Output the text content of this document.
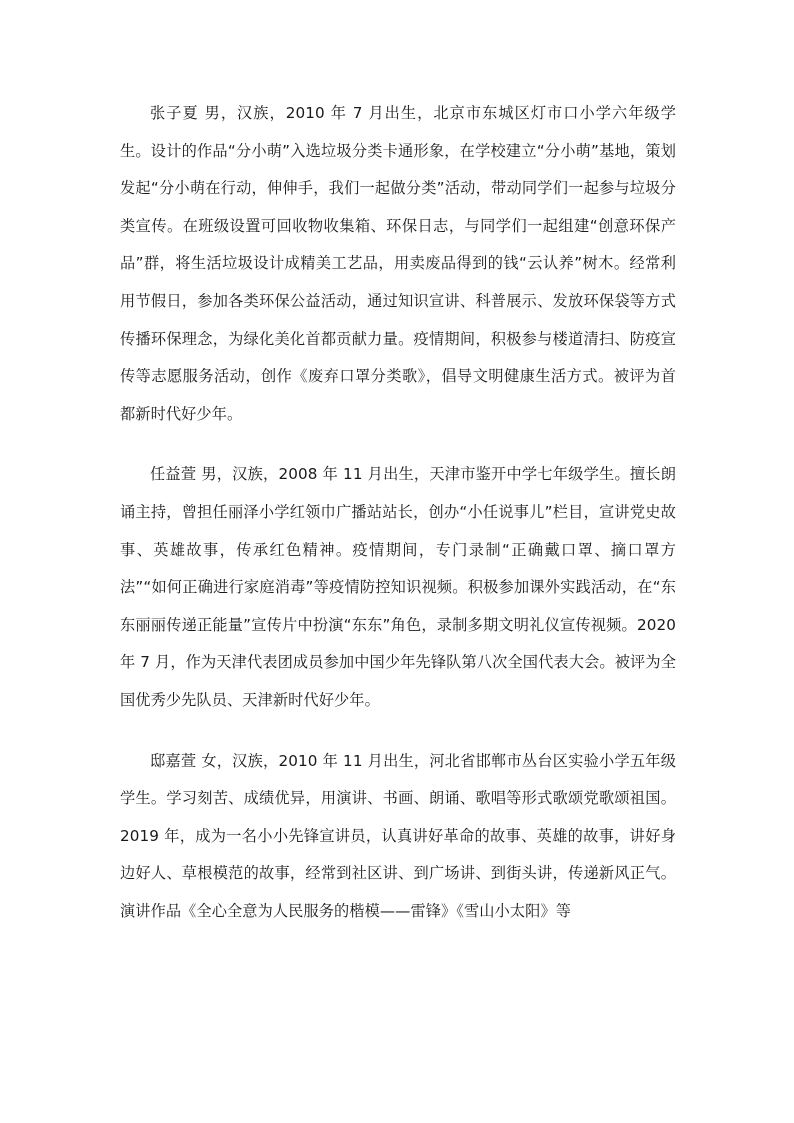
张子夏 男，汉族，2010 年 7 月出生，北京市东城区灯市口小学六年级学生。设计的作品“分小萌”入选垃圾分类卡通形象，在学校建立“分小萌”基地，策划发起“分小萌在行动，伸伸手，我们一起做分类”活动，带动同学们一起参与垃圾分类宣传。在班级设置可回收物收集箱、环保日志，与同学们一起组建“创意环保产品”群，将生活垃圾设计成精美工艺品，用卖废品得到的钱“云认养”树木。经常利用节假日，参加各类环保公益活动，通过知识宣讲、科普展示、发放环保袋等方式传播环保理念，为绿化美化首都贡献力量。疫情期间，积极参与楼道清扫、防疫宣传等志愿服务活动，创作《废弃口罩分类歌》，倡导文明健康生活方式。被评为首都新时代好少年。

任益萱 男，汉族，2008 年 11 月出生，天津市鉴开中学七年级学生。擅长朗诵主持，曾担任丽泽小学红领巾广播站站长，创办“小任说事儿”栏目，宣讲党史故事、英雄故事，传承红色精神。疫情期间，专门录制“正确戴口罩、摘口罩方法”“如何正确进行家庭消毒”等疫情防控知识视频。积极参加课外实践活动，在“东东丽丽传递正能量”宣传片中扮演“东东”角色，录制多期文明礼仪宣传视频。2020 年 7 月，作为天津代表团成员参加中国少年先锋队第八次全国代表大会。被评为全国优秀少先队员、天津新时代好少年。

邸嘉萱 女，汉族，2010 年 11 月出生，河北省邯郸市丛台区实验小学五年级学生。学习刻苦、成绩优异，用演讲、书画、朗诵、歌唱等形式歌颂党歌颂祖国。2019 年，成为一名小小先锋宣讲员，认真讲好革命的故事、英雄的故事，讲好身边好人、草根模范的故事，经常到社区讲、到广场讲、到街头讲，传递新风正气。演讲作品《全心全意为人民服务的楷模——雷锋》《雪山小太阳》等
